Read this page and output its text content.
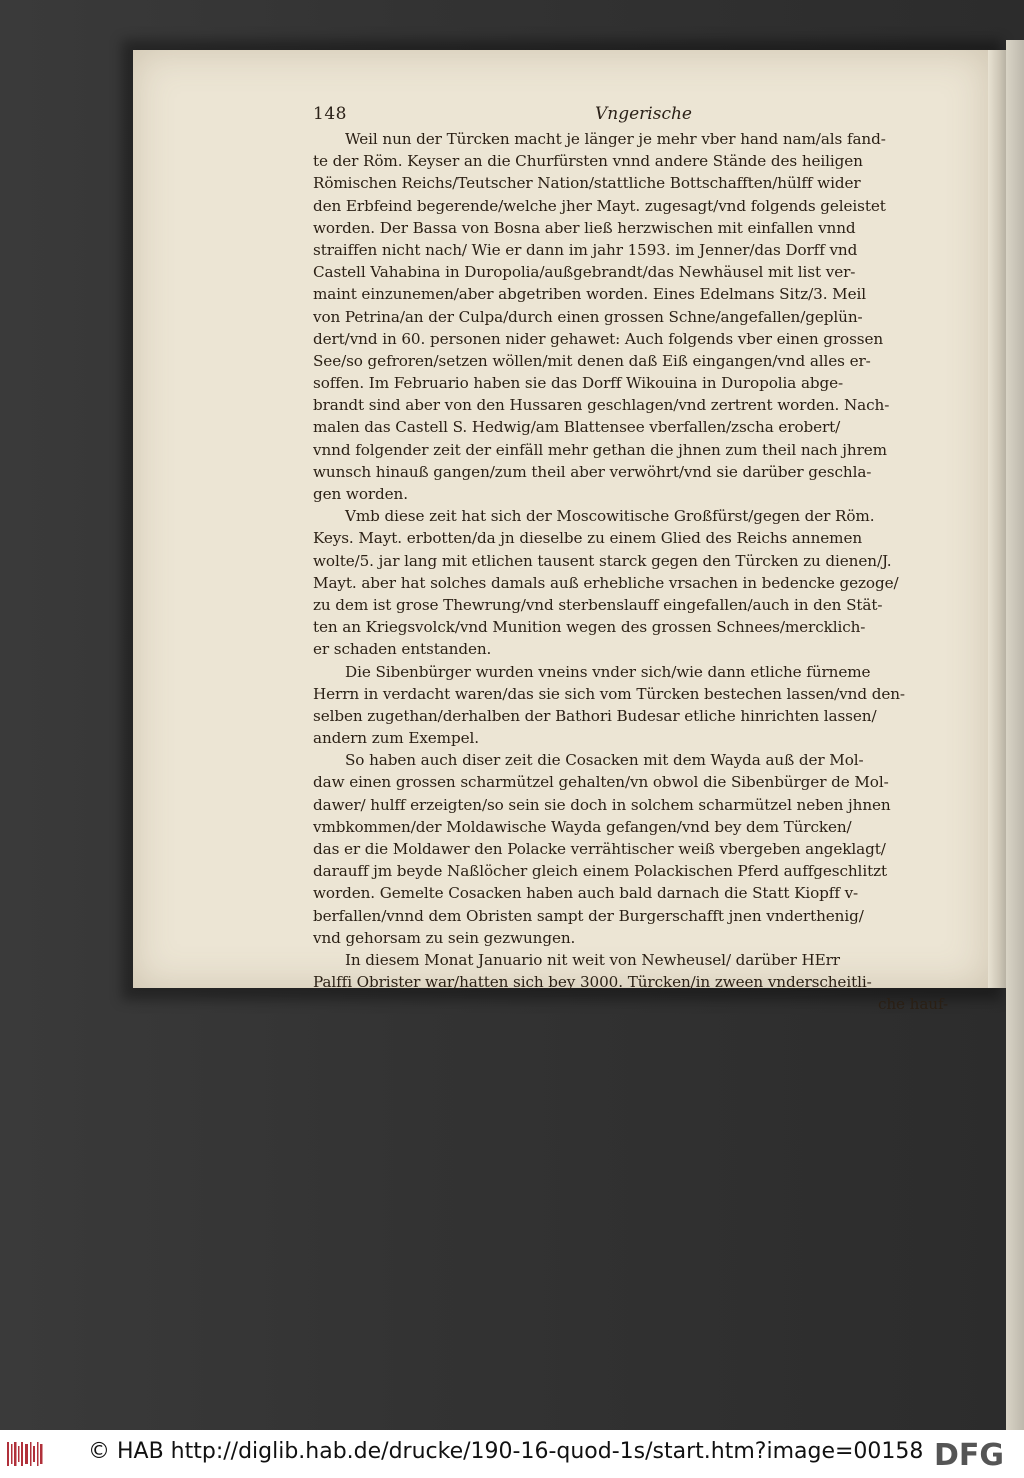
148	Vngerische
Weil nun der Türcken macht je länger je mehr vber hand nam/als fand-
te der Röm. Keyser an die Churfürsten vnnd andere Stände des heiligen
Römischen Reichs/Teutscher Nation/stattliche Bottschafften/hülff wider
den Erbfeind begerende/welche jher Mayt. zugesagt/vnd folgends geleistet
worden. Der Bassa von Bosna aber ließ herzwischen mit einfallen vnnd
straiffen nicht nach/ Wie er dann im jahr 1593. im Jenner/das Dorff vnd
Castell Vahabina in Duropolia/außgebrandt/das Newhäusel mit list ver-
maint einzunemen/aber abgetriben worden. Eines Edelmans Sitz/3. Meil
von Petrina/an der Culpa/durch einen grossen Schne/angefallen/geplün-
dert/vnd in 60. personen nider gehawet: Auch folgends vber einen grossen
See/so gefroren/setzen wöllen/mit denen daß Eiß eingangen/vnd alles er-
soffen. Im Februario haben sie das Dorff Wikouina in Duropolia abge-
brandt sind aber von den Hussaren geschlagen/vnd zertrent worden. Nach-
malen das Castell S. Hedwig/am Blattensee vberfallen/zscha erobert/
vnnd folgender zeit der einfäll mehr gethan die jhnen zum theil nach jhrem
wunsch hinauß gangen/zum theil aber verwöhrt/vnd sie darüber geschla-
gen worden.
Vmb diese zeit hat sich der Moscowitische Großfürst/gegen der Röm.
Keys. Mayt. erbotten/da jn dieselbe zu einem Glied des Reichs annemen
wolte/5. jar lang mit etlichen tausent starck gegen den Türcken zu dienen/J.
Mayt. aber hat solches damals auß erhebliche vrsachen in bedencke gezoge/
zu dem ist grose Thewrung/vnd sterbenslauff eingefallen/auch in den Stät-
ten an Kriegsvolck/vnd Munition wegen des grossen Schnees/mercklich-
er schaden entstanden.
Die Sibenbürger wurden vneins vnder sich/wie dann etliche fürneme
Herrn in verdacht waren/das sie sich vom Türcken bestechen lassen/vnd den-
selben zugethan/derhalben der Bathori Budesar etliche hinrichten lassen/
andern zum Exempel.
So haben auch diser zeit die Cosacken mit dem Wayda auß der Mol-
daw einen grossen scharmützel gehalten/vn obwol die Sibenbürger de Mol-
dawer/ hulff erzeigten/so sein sie doch in solchem scharmützel neben jhnen
vmbkommen/der Moldawische Wayda gefangen/vnd bey dem Türcken/
das er die Moldawer den Polacke verrähtischer weiß vbergeben angeklagt/
darauff jm beyde Naßlöcher gleich einem Polackischen Pferd auffgeschlitzt
worden. Gemelte Cosacken haben auch bald darnach die Statt Kiopff v-
berfallen/vnnd dem Obristen sampt der Burgerschafft jnen vnderthenig/
vnd gehorsam zu sein gezwungen.
In diesem Monat Januario nit weit von Newheusel/ darüber HErr
Palffi Obrister war/hatten sich bey 3000. Türcken/in zween vnderscheitli-
che hauf-
© HAB http://diglib.hab.de/drucke/190-16-quod-1s/start.htm?image=00158 DFG
